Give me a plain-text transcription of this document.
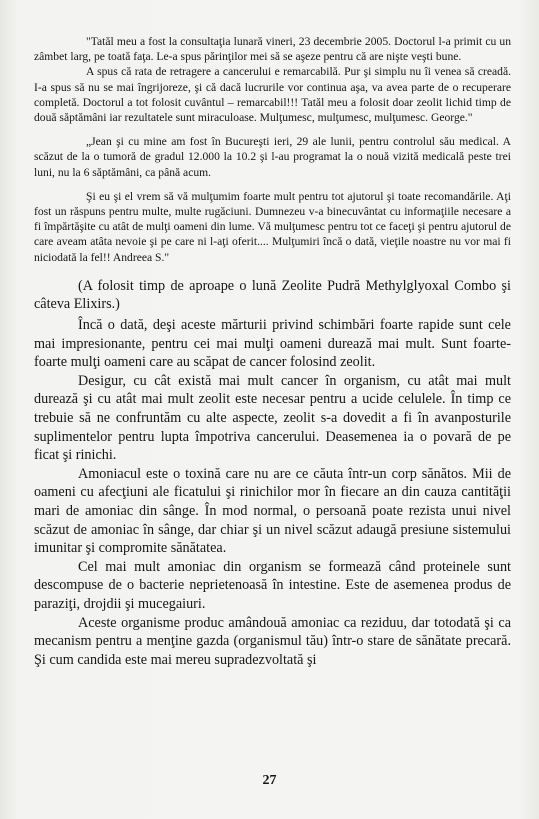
"Tatăl meu a fost la consultaţia lunară vineri, 23 decembrie 2005. Doctorul l-a primit cu un zâmbet larg, pe toată faţa. Le-a spus părinţilor mei să se aşeze pentru că are nişte veşti bune.

A spus că rata de retragere a cancerului e remarcabilă. Pur şi simplu nu îi venea să creadă. I-a spus să nu se mai îngrijoreze, şi că dacă lucrurile vor continua aşa, va avea parte de o recuperare completă. Doctorul a tot folosit cuvântul – remarcabil!!! Tatăl meu a folosit doar zeolit lichid timp de două săptămâni iar rezultatele sunt miraculoase. Mulţumesc, mulţumesc, mulţumesc. George."

„Jean şi cu mine am fost în Bucureşti ieri, 29 ale lunii, pentru controlul său medical. A scăzut de la o tumoră de gradul 12.000 la 10.2 şi l-au programat la o nouă vizită medicală peste trei luni, nu la 6 săptămâni, ca până acum.

Şi eu şi el vrem să vă mulţumim foarte mult pentru tot ajutorul şi toate recomandările. Aţi fost un răspuns pentru multe, multe rugăciuni. Dumnezeu v-a binecuvântat cu informaţiile necesare a fi împărtăşite cu atât de mulţi oameni din lume. Vă mulţumesc pentru tot ce faceţi şi pentru ajutorul de care aveam atâta nevoie şi pe care ni l-aţi oferit.... Mulţumiri încă o dată, vieţile noastre nu vor mai fi niciodată la fel!! Andreea S."

(A folosit timp de aproape o lună Zeolite Pudră Methylglyoxal Combo şi câteva Elixirs.)

Încă o dată, deşi aceste mărturii privind schimbări foarte rapide sunt cele mai impresionante, pentru cei mai mulţi oameni durează mai mult. Sunt foarte-foarte mulţi oameni care au scăpat de cancer folosind zeolit.

Desigur, cu cât există mai mult cancer în organism, cu atât mai mult durează şi cu atât mai mult zeolit este necesar pentru a ucide celulele. În timp ce trebuie să ne confruntăm cu alte aspecte, zeolit s-a dovedit a fi în avanposturile suplimentelor pentru lupta împotriva cancerului. Deasemenea ia o povară de pe ficat şi rinichi.

Amoniacul este o toxină care nu are ce căuta într-un corp sănătos. Mii de oameni cu afecţiuni ale ficatului şi rinichilor mor în fiecare an din cauza cantităţii mari de amoniac din sânge. În mod normal, o persoană poate rezista unui nivel scăzut de amoniac în sânge, dar chiar şi un nivel scăzut adaugă presiune sistemului imunitar şi compromite sănătatea.

Cel mai mult amoniac din organism se formează când proteinele sunt descompuse de o bacterie neprietenoasă în intestine. Este de asemenea produs de paraziţi, drojdii şi mucegaiuri.

Aceste organisme produc amândouă amoniac ca reziduu, dar totodată şi ca mecanism pentru a menţine gazda (organismul tău) într-o stare de sănătate precară. Şi cum candida este mai mereu supradezvoltată şi

27
